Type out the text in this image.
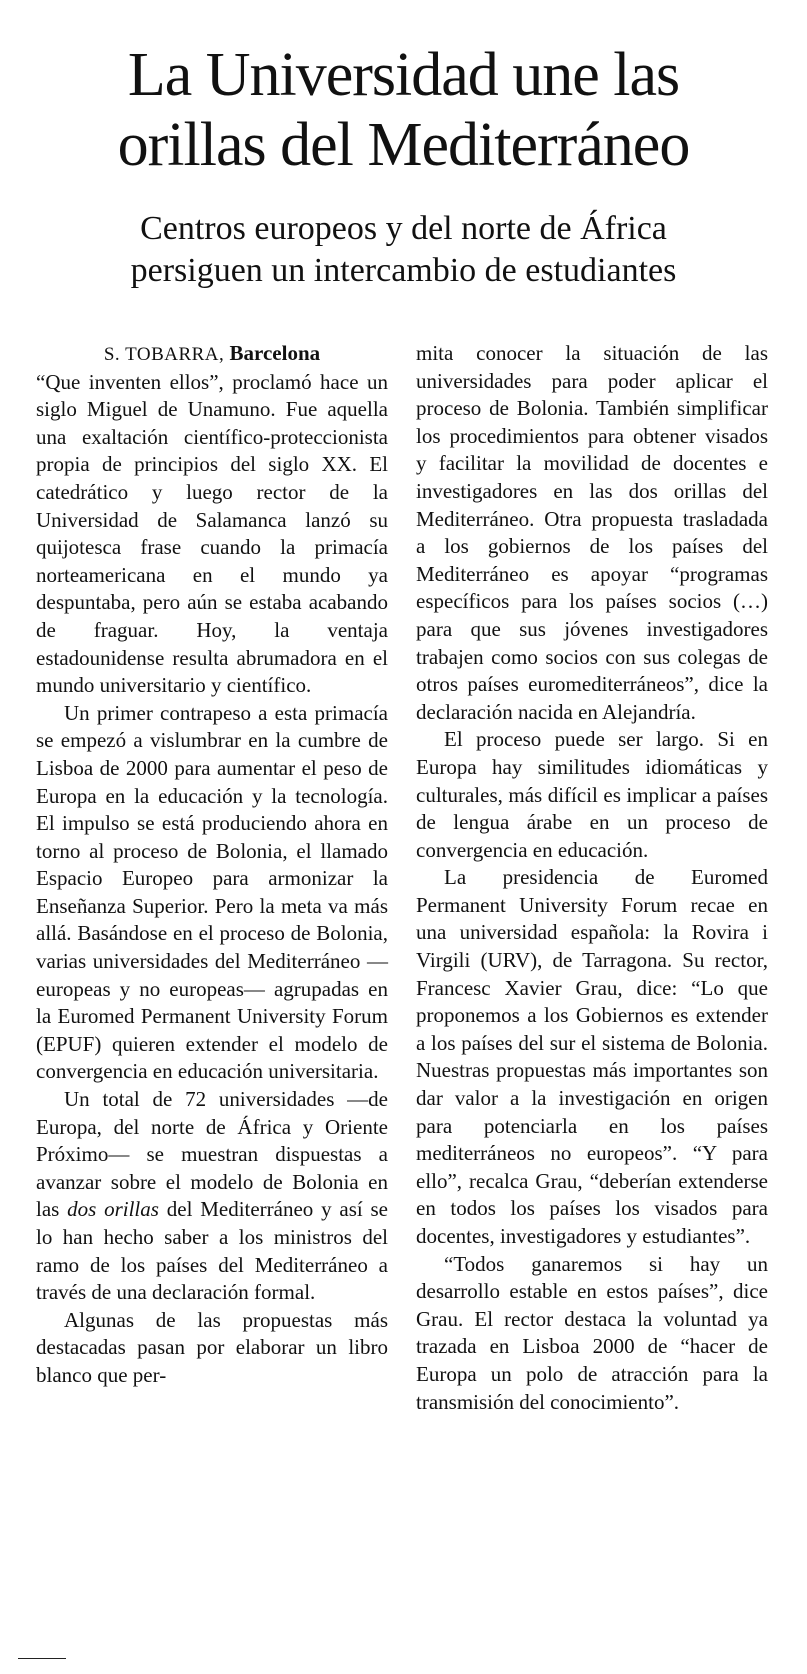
La Universidad une las
orillas del Mediterráneo
Centros europeos y del norte de África
persiguen un intercambio de estudiantes
S. TOBARRA, Barcelona

“Que inventen ellos”, proclamó hace un siglo Miguel de Unamuno. Fue aquella una exaltación científico-proteccionista propia de principios del siglo XX. El catedrático y luego rector de la Universidad de Salamanca lanzó su quijotesca frase cuando la primacía norteamericana en el mundo ya despuntaba, pero aún se estaba acabando de fraguar. Hoy, la ventaja estadounidense resulta abrumadora en el mundo universitario y científico.

Un primer contrapeso a esta primacía se empezó a vislumbrar en la cumbre de Lisboa de 2000 para aumentar el peso de Europa en la educación y la tecnología. El impulso se está produciendo ahora en torno al proceso de Bolonia, el llamado Espacio Europeo para armonizar la Enseñanza Superior. Pero la meta va más allá. Basándose en el proceso de Bolonia, varias universidades del Mediterráneo —europeas y no europeas— agrupadas en la Euromed Permanent University Forum (EPUF) quieren extender el modelo de convergencia en educación universitaria.

Un total de 72 universidades —de Europa, del norte de África y Oriente Próximo— se muestran dispuestas a avanzar sobre el modelo de Bolonia en las dos orillas del Mediterráneo y así se lo han hecho saber a los ministros del ramo de los países del Mediterráneo a través de una declaración formal.

Algunas de las propuestas más destacadas pasan por elaborar un libro blanco que per-

mita conocer la situación de las universidades para poder aplicar el proceso de Bolonia. También simplificar los procedimientos para obtener visados y facilitar la movilidad de docentes e investigadores en las dos orillas del Mediterráneo. Otra propuesta trasladada a los gobiernos de los países del Mediterráneo es apoyar “programas específicos para los países socios (…) para que sus jóvenes investigadores trabajen como socios con sus colegas de otros países euromediterráneos”, dice la declaración nacida en Alejandría.

El proceso puede ser largo. Si en Europa hay similitudes idiomáticas y culturales, más difícil es implicar a países de lengua árabe en un proceso de convergencia en educación.

La presidencia de Euromed Permanent University Forum recae en una universidad española: la Rovira i Virgili (URV), de Tarragona. Su rector, Francesc Xavier Grau, dice: “Lo que proponemos a los Gobiernos es extender a los países del sur el sistema de Bolonia. Nuestras propuestas más importantes son dar valor a la investigación en origen para potenciarla en los países mediterráneos no europeos”. “Y para ello”, recalca Grau, “deberían extenderse en todos los países los visados para docentes, investigadores y estudiantes”.

“Todos ganaremos si hay un desarrollo estable en estos países”, dice Grau. El rector destaca la voluntad ya trazada en Lisboa 2000 de “hacer de Europa un polo de atracción para la transmisión del conocimiento”.
